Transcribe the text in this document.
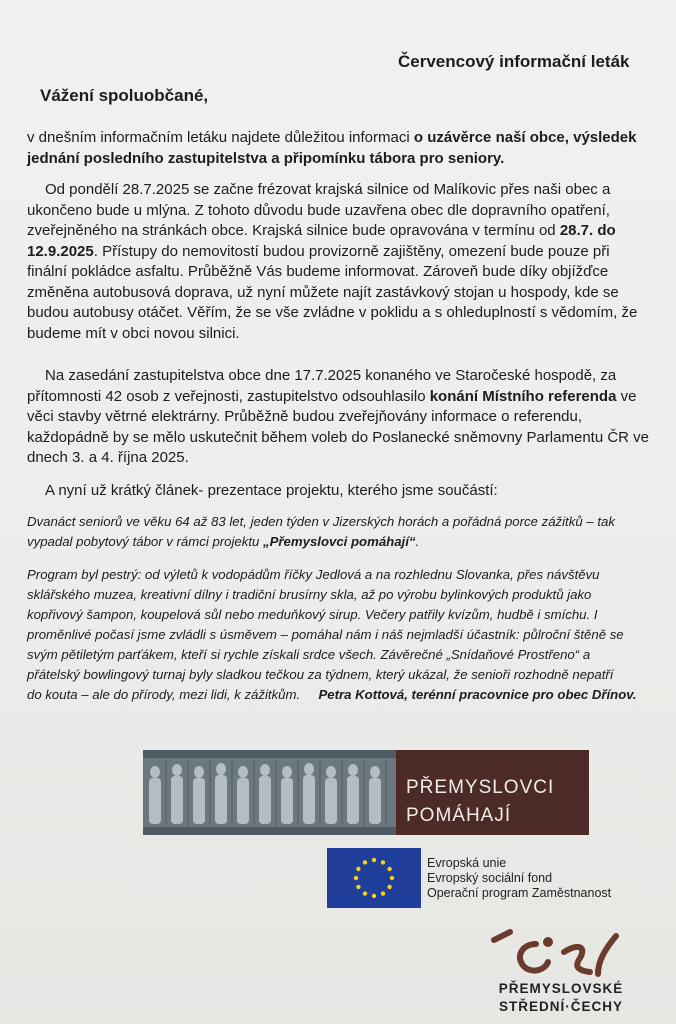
Červencový informační leták
Vážení spoluobčané,
v dnešním informačním letáku najdete důležitou informaci o uzávěrce naší obce, výsledek
jednání posledního zastupitelstva a připomínku tábora pro seniory.
Od pondělí 28.7.2025 se začne frézovat krajská silnice od Malíkovic přes naši obec a
ukončeno bude u mlýna. Z tohoto důvodu bude uzavřena obec dle dopravního opatření,
zveřejněného na stránkách obce. Krajská silnice bude opravována v termínu od 28.7. do
12.9.2025. Přístupy do nemovitostí budou provizorně zajištěny, omezení bude pouze při
finální pokládce asfaltu. Průběžně Vás budeme informovat. Zároveň bude díky objížďce
změněna autobusová doprava, už nyní můžete najít zastávkový stojan u hospody, kde se
budou autobusy otáčet. Věřím, že se vše zvládne v poklidu a s ohleduplností s vědomím, že
budeme mít v obci novou silnici.
Na zasedání zastupitelstva obce dne 17.7.2025 konaného ve Staročeské hospodě, za
přítomnosti 42 osob z veřejnosti, zastupitelstvo odsouhlasilo konání Místního referenda ve
věci stavby větrné elektrárny. Průběžně budou zveřejňovány informace o referendu,
každopádně by se mělo uskutečnit během voleb do Poslanecké sněmovny Parlamentu ČR ve
dnech 3. a 4. října 2025.
A nyní už krátký článek- prezentace projektu, kterého jsme součástí:
Dvanáct seniorů ve věku 64 až 83 let, jeden týden v Jizerských horách a pořádná porce zážitků – tak
vypadal pobytový tábor v rámci projektu „Přemyslovci pomáhají“.
Program byl pestrý: od výletů k vodopádům říčky Jedlová a na rozhlednu Slovanka, přes návštěvu
sklářského muzea, kreativní dílny i tradiční brusírny skla, až po výrobu bylinkových produktů jako
kopřivový šampon, koupelová sůl nebo meduňkový sirup. Večery patřily kvízům, hudbě i smíchu. I
proměnlivé počasí jsme zvládli s úsměvem – pomáhal nám i náš nejmladší účastník: půlroční štěně se
svým pětiletým parťákem, kteří si rychle získali srdce všech. Závěrečné „Snídaňové Prostřeno“ a
přátelský bowlingový turnaj byly sladkou tečkou za týdnem, který ukázal, že senioři rozhodně nepatří
do kouta – ale do přírody, mezi lidi, k zážitkům. Petra Kottová, terénní pracovnice pro obec Dřínov.
PŘEMYSLOVCI
POMÁHAJÍ
Evropská unie
Evropský sociální fond
Operační program Zaměstnanost
PŘEMYSLOVSKÉ
STŘEDNÍ·ČECHY
